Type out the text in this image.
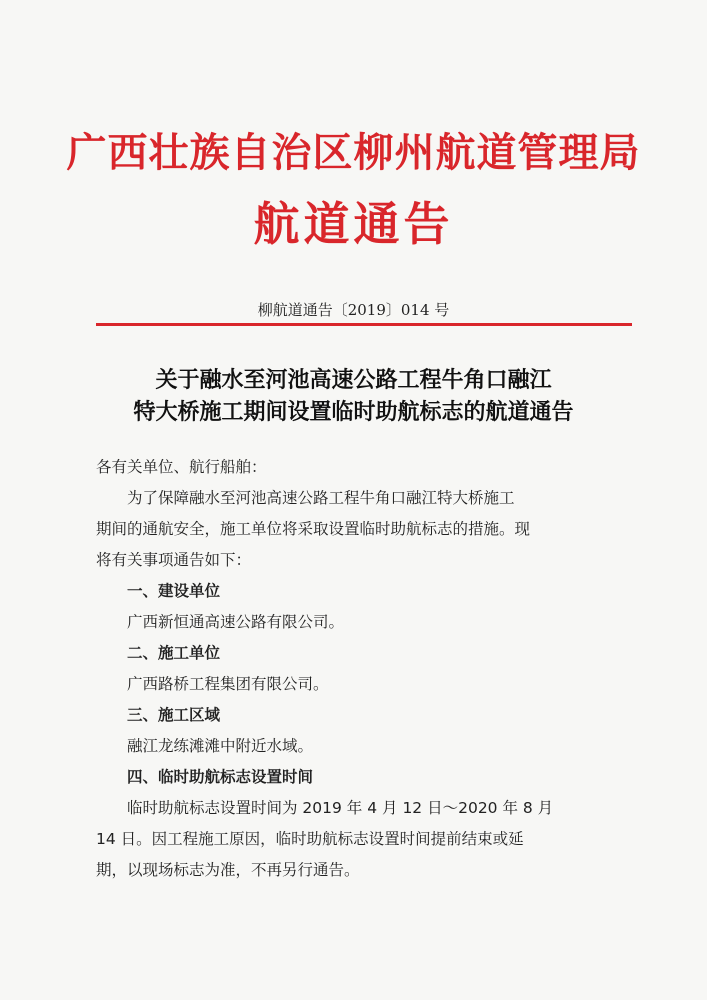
广西壮族自治区柳州航道管理局
航道通告
柳航道通告〔2019〕014 号
关于融水至河池高速公路工程牛角口融江
特大桥施工期间设置临时助航标志的航道通告
各有关单位、航行船舶：
为了保障融水至河池高速公路工程牛角口融江特大桥施工
期间的通航安全，施工单位将采取设置临时助航标志的措施。现
将有关事项通告如下：
一、建设单位
广西新恒通高速公路有限公司。
二、施工单位
广西路桥工程集团有限公司。
三、施工区域
融江龙练滩滩中附近水域。
四、临时助航标志设置时间
临时助航标志设置时间为 2019 年 4 月 12 日～2020 年 8 月
14 日。因工程施工原因，临时助航标志设置时间提前结束或延
期，以现场标志为准，不再另行通告。
